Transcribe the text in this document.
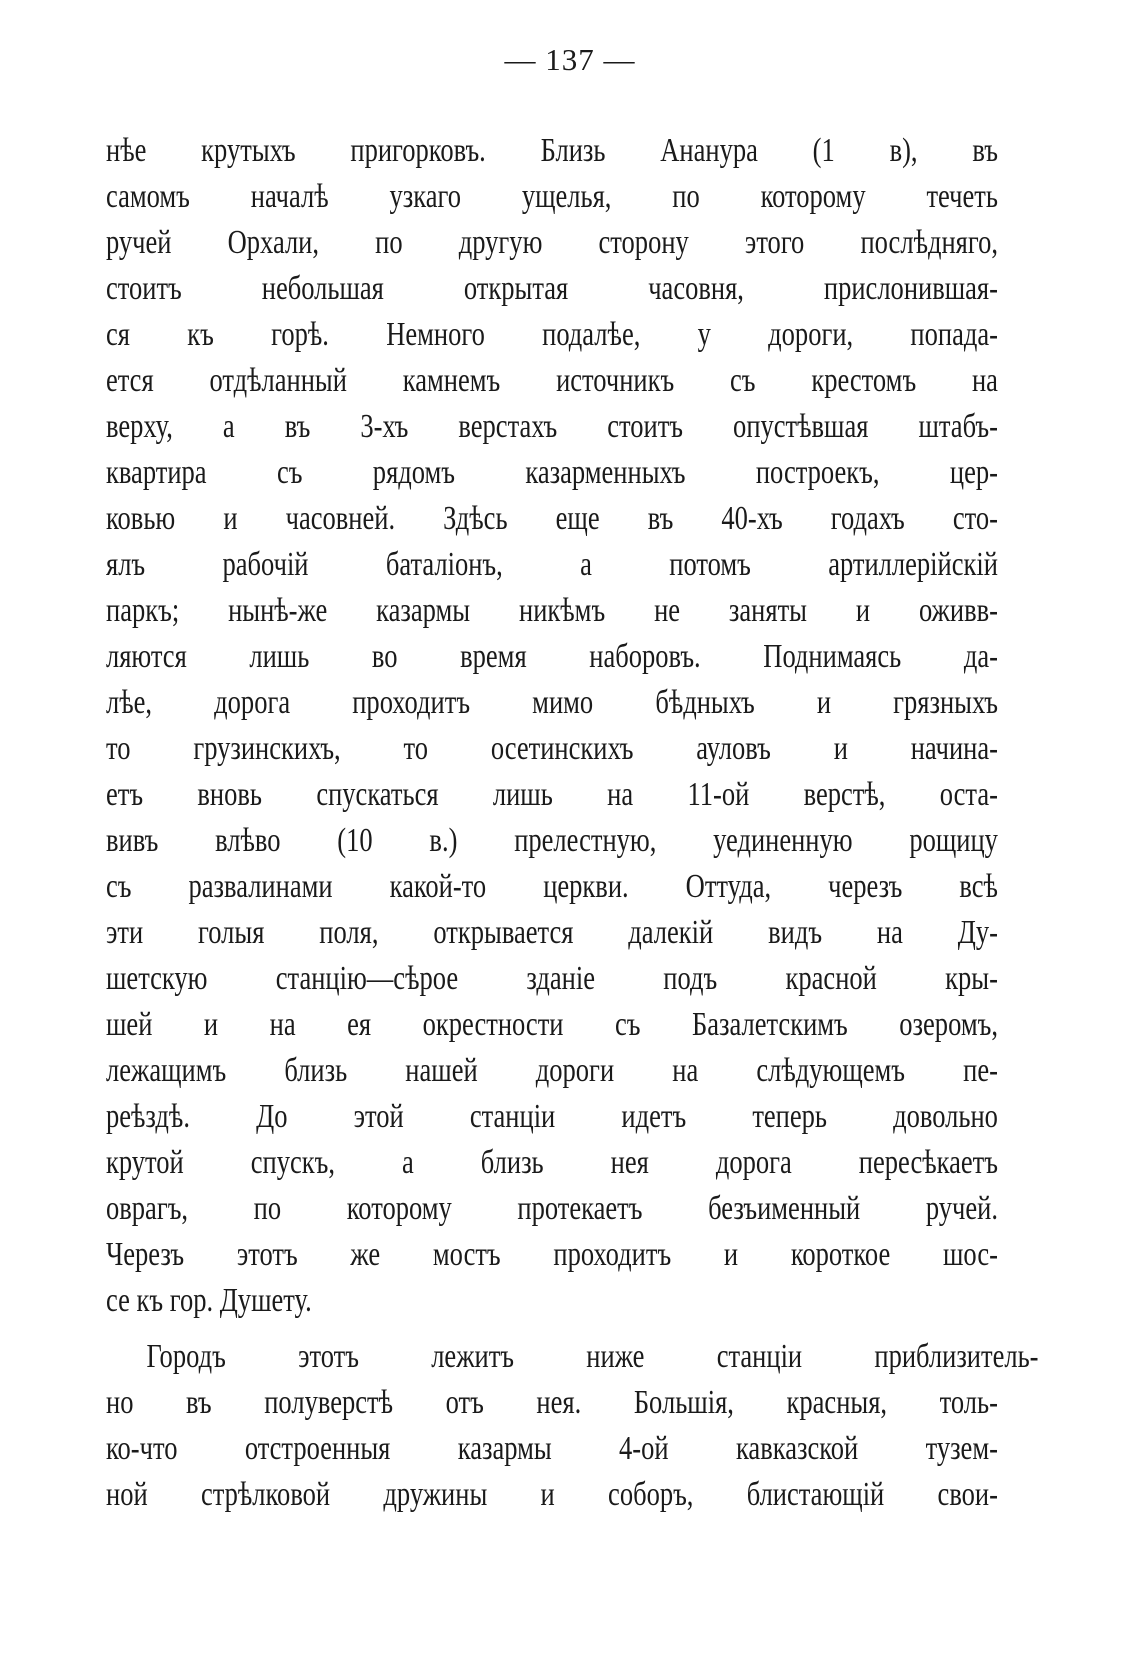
— 137 —
нѣе крутыхъ пригорковъ. Близь Ананура (1 в), въ
самомъ началѣ узкаго ущелья, по которому течеть
ручей Орхали, по другую сторону этого послѣдняго,
стоитъ небольшая открытая часовня, прислонившая-
ся къ горѣ. Немного подалѣе, у дороги, попада-
ется отдѣланный камнемъ источникъ съ крестомъ на
верху, а въ 3-хъ верстахъ стоитъ опустѣвшая штабъ-
квартира съ рядомъ казарменныхъ построекъ, цер-
ковью и часовней. Здѣсь еще въ 40-хъ годахъ сто-
ялъ рабочій баталіонъ, а потомъ артиллерійскій
паркъ; нынѣ-же казармы никѣмъ не заняты и оживв-
ляются лишь во время наборовъ. Поднимаясь да-
лѣе, дорога проходитъ мимо бѣдныхъ и грязныхъ
то грузинскихъ, то осетинскихъ ауловъ и начина-
етъ вновь спускаться лишь на 11-ой верстѣ, оста-
вивъ влѣво (10 в.) прелестную, уединенную рощицу
съ развалинами какой-то церкви. Оттуда, черезъ всѣ
эти голыя поля, открывается далекій видъ на Ду-
шетскую станцію—сѣрое зданіе подъ красной кры-
шей и на ея окрестности съ Базалетскимъ озеромъ,
лежащимъ близь нашей дороги на слѣдующемъ пе-
реѣздѣ. До этой станціи идетъ теперь довольно
крутой спускъ, а близь нея дорога пересѣкаетъ
оврагъ, по которому протекаетъ безъименный ручей.
Черезъ этотъ же мостъ проходитъ и короткое шос-
се къ гор. Душету.
Городъ этотъ лежитъ ниже станціи приблизитель-
но въ полуверстѣ отъ нея. Большія, красныя, толь-
ко-что отстроенныя казармы 4-ой кавказской тузем-
ной стрѣлковой дружины и соборъ, блистающій свои-
